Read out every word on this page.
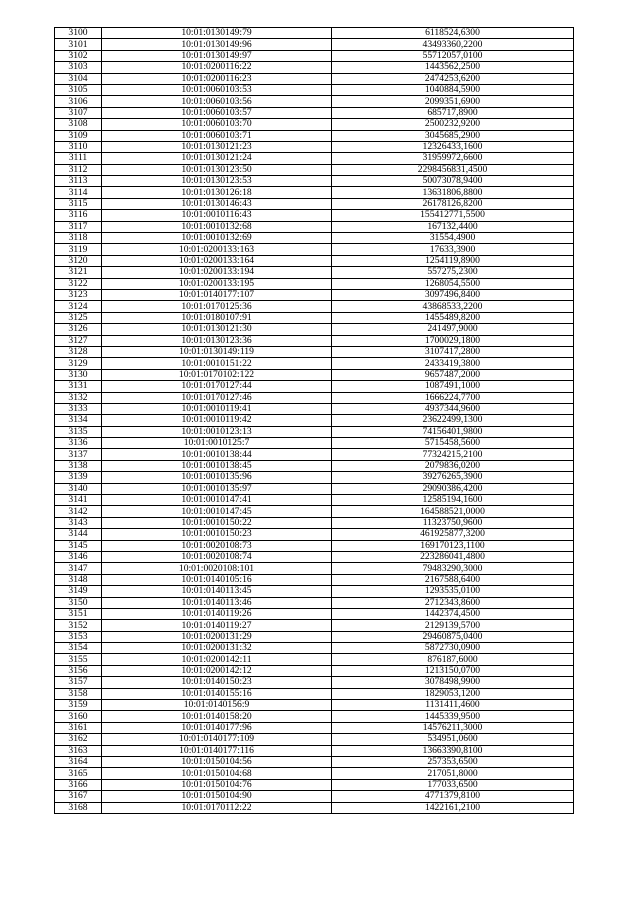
3100	10:01:0130149:79	6118524,6300
3101	10:01:0130149:96	43493360,2200
3102	10:01:0130149:97	55712057,0100
3103	10:01:0200116:22	1443562,2500
3104	10:01:0200116:23	2474253,6200
3105	10:01:0060103:53	1040884,5900
3106	10:01:0060103:56	2099351,6900
3107	10:01:0060103:57	685717,8900
3108	10:01:0060103:70	2500232,9200
3109	10:01:0060103:71	3045685,2900
3110	10:01:0130121:23	12326433,1600
3111	10:01:0130121:24	31959972,6600
3112	10:01:0130123:50	2298456831,4500
3113	10:01:0130123:53	50073078,9400
3114	10:01:0130126:18	13631806,8800
3115	10:01:0130146:43	26178126,8200
3116	10:01:0010116:43	155412771,5500
3117	10:01:0010132:68	167132,4400
3118	10:01:0010132:69	31554,4900
3119	10:01:0200133:163	17633,3900
3120	10:01:0200133:164	1254119,8900
3121	10:01:0200133:194	557275,2300
3122	10:01:0200133:195	1268054,5500
3123	10:01:0140177:107	3097496,8400
3124	10:01:0170125:36	43868533,2200
3125	10:01:0180107:91	1455489,8200
3126	10:01:0130121:30	241497,9000
3127	10:01:0130123:36	1700029,1800
3128	10:01:0130149:119	3107417,2800
3129	10:01:0010151:22	2433419,3800
3130	10:01:0170102:122	9657487,2000
3131	10:01:0170127:44	1087491,1000
3132	10:01:0170127:46	1666224,7700
3133	10:01:0010119:41	4937344,9600
3134	10:01:0010119:42	23622499,1300
3135	10:01:0010123:13	74156401,9800
3136	10:01:0010125:7	5715458,5600
3137	10:01:0010138:44	77324215,2100
3138	10:01:0010138:45	2079836,0200
3139	10:01:0010135:96	39276265,3900
3140	10:01:0010135:97	29090386,4200
3141	10:01:0010147:41	12585194,1600
3142	10:01:0010147:45	164588521,0000
3143	10:01:0010150:22	11323750,9600
3144	10:01:0010150:23	461925877,3200
3145	10:01:0020108:73	169170123,1100
3146	10:01:0020108:74	223286041,4800
3147	10:01:0020108:101	79483290,3000
3148	10:01:0140105:16	2167588,6400
3149	10:01:0140113:45	1293535,0100
3150	10:01:0140113:46	2712343,8600
3151	10:01:0140119:26	1442374,4500
3152	10:01:0140119:27	2129139,5700
3153	10:01:0200131:29	29460875,0400
3154	10:01:0200131:32	5872730,0900
3155	10:01:0200142:11	876187,6000
3156	10:01:0200142:12	1213150,0700
3157	10:01:0140150:23	3078498,9900
3158	10:01:0140155:16	1829053,1200
3159	10:01:0140156:9	1131411,4600
3160	10:01:0140158:20	1445339,9500
3161	10:01:0140177:96	14576211,3000
3162	10:01:0140177:109	534951,0600
3163	10:01:0140177:116	13663390,8100
3164	10:01:0150104:56	257353,6500
3165	10:01:0150104:68	217051,8000
3166	10:01:0150104:76	177033,6500
3167	10:01:0150104:90	4771379,8100
3168	10:01:0170112:22	1422161,2100
